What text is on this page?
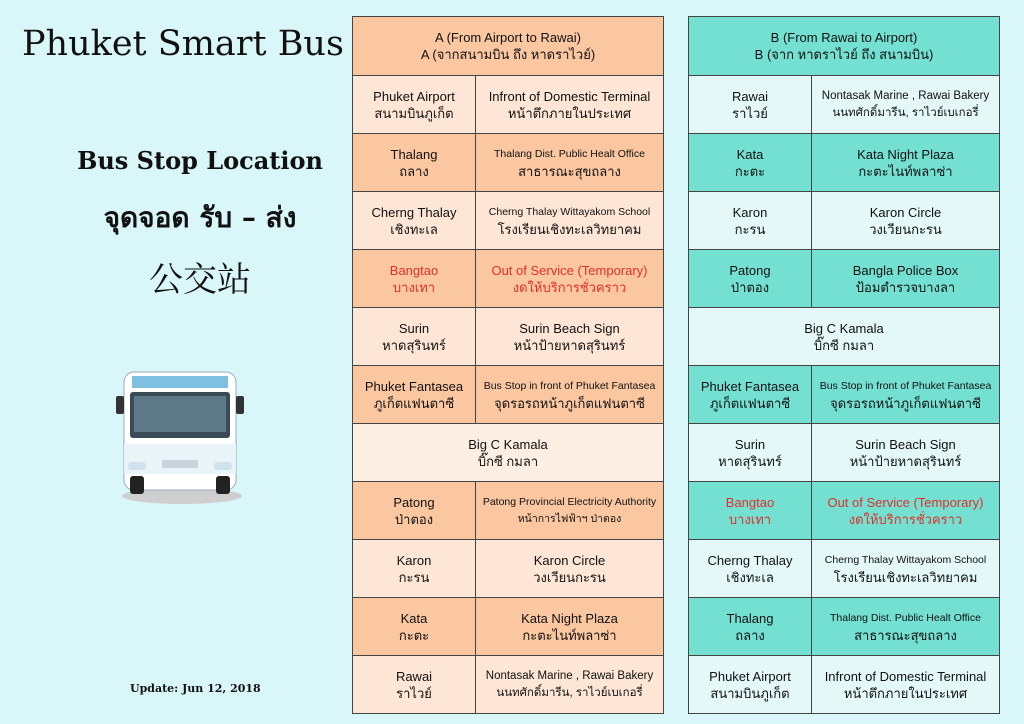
Phuket Smart Bus
Bus Stop Location
จุดจอด รับ – ส่ง
公交站
Update: Jun 12, 2018
A (From Airport to Rawai)
A (จากสนามบิน ถึง หาดราไวย์)
Phuket Airport
สนามบินภูเก็ต
Infront of Domestic Terminal
หน้าตึกภายในประเทศ
Thalang
ถลาง
Thalang Dist. Public Healt Office
สาธารณะสุขถลาง
Cherng Thalay
เชิงทะเล
Cherng Thalay Wittayakom School
โรงเรียนเชิงทะเลวิทยาคม
Bangtao
บางเทา
Out of Service (Temporary)
งดให้บริการชั่วคราว
Surin
หาดสุรินทร์
Surin Beach Sign
หน้าป้ายหาดสุรินทร์
Phuket Fantasea
ภูเก็ตแฟนตาซี
Bus Stop in front of Phuket Fantasea
จุดรอรถหน้าภูเก็ตแฟนตาซี
Big C Kamala
บิ๊กซี กมลา
Patong
ป่าตอง
Patong Provincial Electricity Authority
หน้าการไฟฟ้าฯ ป่าตอง
Karon
กะรน
Karon Circle
วงเวียนกะรน
Kata
กะตะ
Kata Night Plaza
กะตะไนท์พลาซ่า
Rawai
ราไวย์
Nontasak Marine , Rawai Bakery
นนทศักดิ์มารีน, ราไวย์เบเกอรี่
B (From Rawai to Airport)
B (จาก หาดราไวย์ ถึง สนามบิน)
Rawai
ราไวย์
Nontasak Marine , Rawai Bakery
นนทศักดิ์มารีน, ราไวย์เบเกอรี่
Kata
กะตะ
Kata Night Plaza
กะตะไนท์พลาซ่า
Karon
กะรน
Karon Circle
วงเวียนกะรน
Patong
ป่าตอง
Bangla Police Box
ป้อมตำรวจบางลา
Big C Kamala
บิ๊กซี กมลา
Phuket Fantasea
ภูเก็ตแฟนตาซี
Bus Stop in front of Phuket Fantasea
จุดรอรถหน้าภูเก็ตแฟนตาซี
Surin
หาดสุรินทร์
Surin Beach Sign
หน้าป้ายหาดสุรินทร์
Bangtao
บางเทา
Out of Service (Temporary)
งดให้บริการชั่วคราว
Cherng Thalay
เชิงทะเล
Cherng Thalay Wittayakom School
โรงเรียนเชิงทะเลวิทยาคม
Thalang
ถลาง
Thalang Dist. Public Healt Office
สาธารณะสุขถลาง
Phuket Airport
สนามบินภูเก็ต
Infront of Domestic Terminal
หน้าตึกภายในประเทศ
